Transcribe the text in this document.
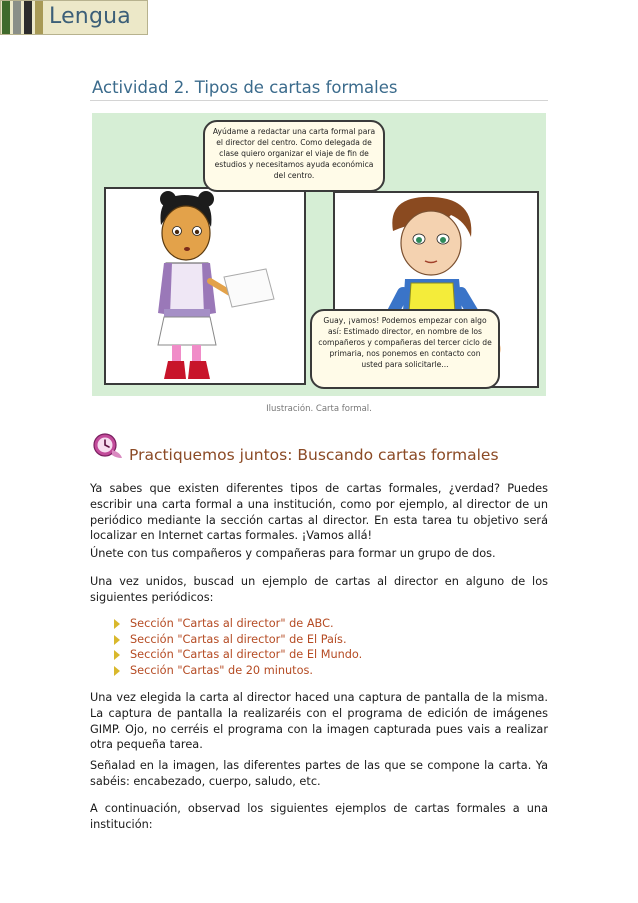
Lengua
Actividad 2. Tipos de cartas formales
Ayúdame a redactar una carta formal para el director del centro. Como delegada de clase quiero organizar el viaje de fin de estudios y necesitamos ayuda económica del centro.
Guay, ¡vamos! Podemos empezar con algo así: Estimado director, en nombre de los compañeros y compañeras del tercer ciclo de primaria, nos ponemos en contacto con usted para solicitarle...
Ilustración. Carta formal.
Practiquemos juntos: Buscando cartas formales

Ya sabes que existen diferentes tipos de cartas formales, ¿verdad? Puedes escribir una carta formal a una institución, como por ejemplo, al director de un periódico mediante la sección cartas al director. En esta tarea tu objetivo será localizar en Internet cartas formales. ¡Vamos allá!

Únete con tus compañeros y compañeras para formar un grupo de dos.

Una vez unidos, buscad un ejemplo de cartas al director en alguno de los siguientes periódicos:

Sección "Cartas al director" de ABC.
Sección "Cartas al director" de El País.
Sección "Cartas al director" de El Mundo.
Sección "Cartas" de 20 minutos.

Una vez elegida la carta al director haced una captura de pantalla de la misma. La captura de pantalla la realizaréis con el programa de edición de imágenes GIMP. Ojo, no cerréis el programa con la imagen capturada pues vais a realizar otra pequeña tarea.

Señalad en la imagen, las diferentes partes de las que se compone la carta. Ya sabéis: encabezado, cuerpo, saludo, etc.

A continuación, observad los siguientes ejemplos de cartas formales a una institución:
